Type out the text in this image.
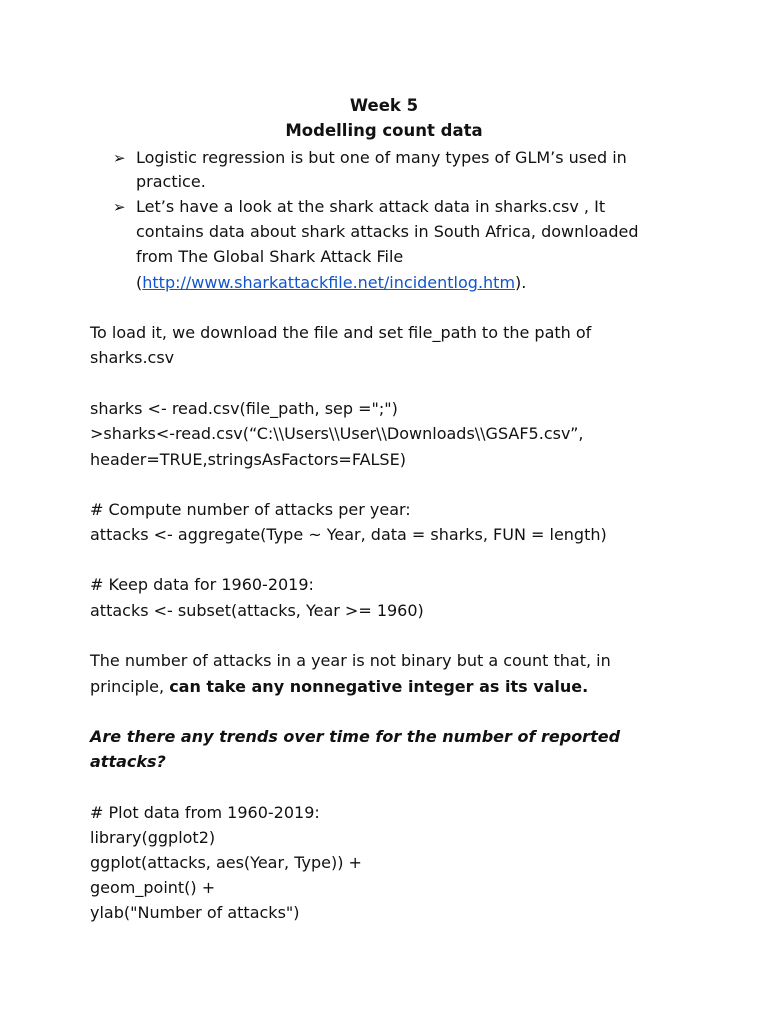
Week 5
Modelling count data
➢ Logistic regression is but one of many types of GLM’s used in
practice.
➢ Let’s have a look at the shark attack data in sharks.csv , It
contains data about shark attacks in South Africa, downloaded
from The Global Shark Attack File
(http://www.sharkattackfile.net/incidentlog.htm).
To load it, we download the file and set file_path to the path of
sharks.csv
sharks <- read.csv(file_path, sep =";")
>sharks<-read.csv(“C:\\Users\\User\\Downloads\\GSAF5.csv”,
header=TRUE,stringsAsFactors=FALSE)
# Compute number of attacks per year:
attacks <- aggregate(Type ~ Year, data = sharks, FUN = length)
# Keep data for 1960-2019:
attacks <- subset(attacks, Year >= 1960)
The number of attacks in a year is not binary but a count that, in
principle, can take any nonnegative integer as its value.
Are there any trends over time for the number of reported
attacks?
# Plot data from 1960-2019:
library(ggplot2)
ggplot(attacks, aes(Year, Type)) +
geom_point() +
ylab("Number of attacks")
